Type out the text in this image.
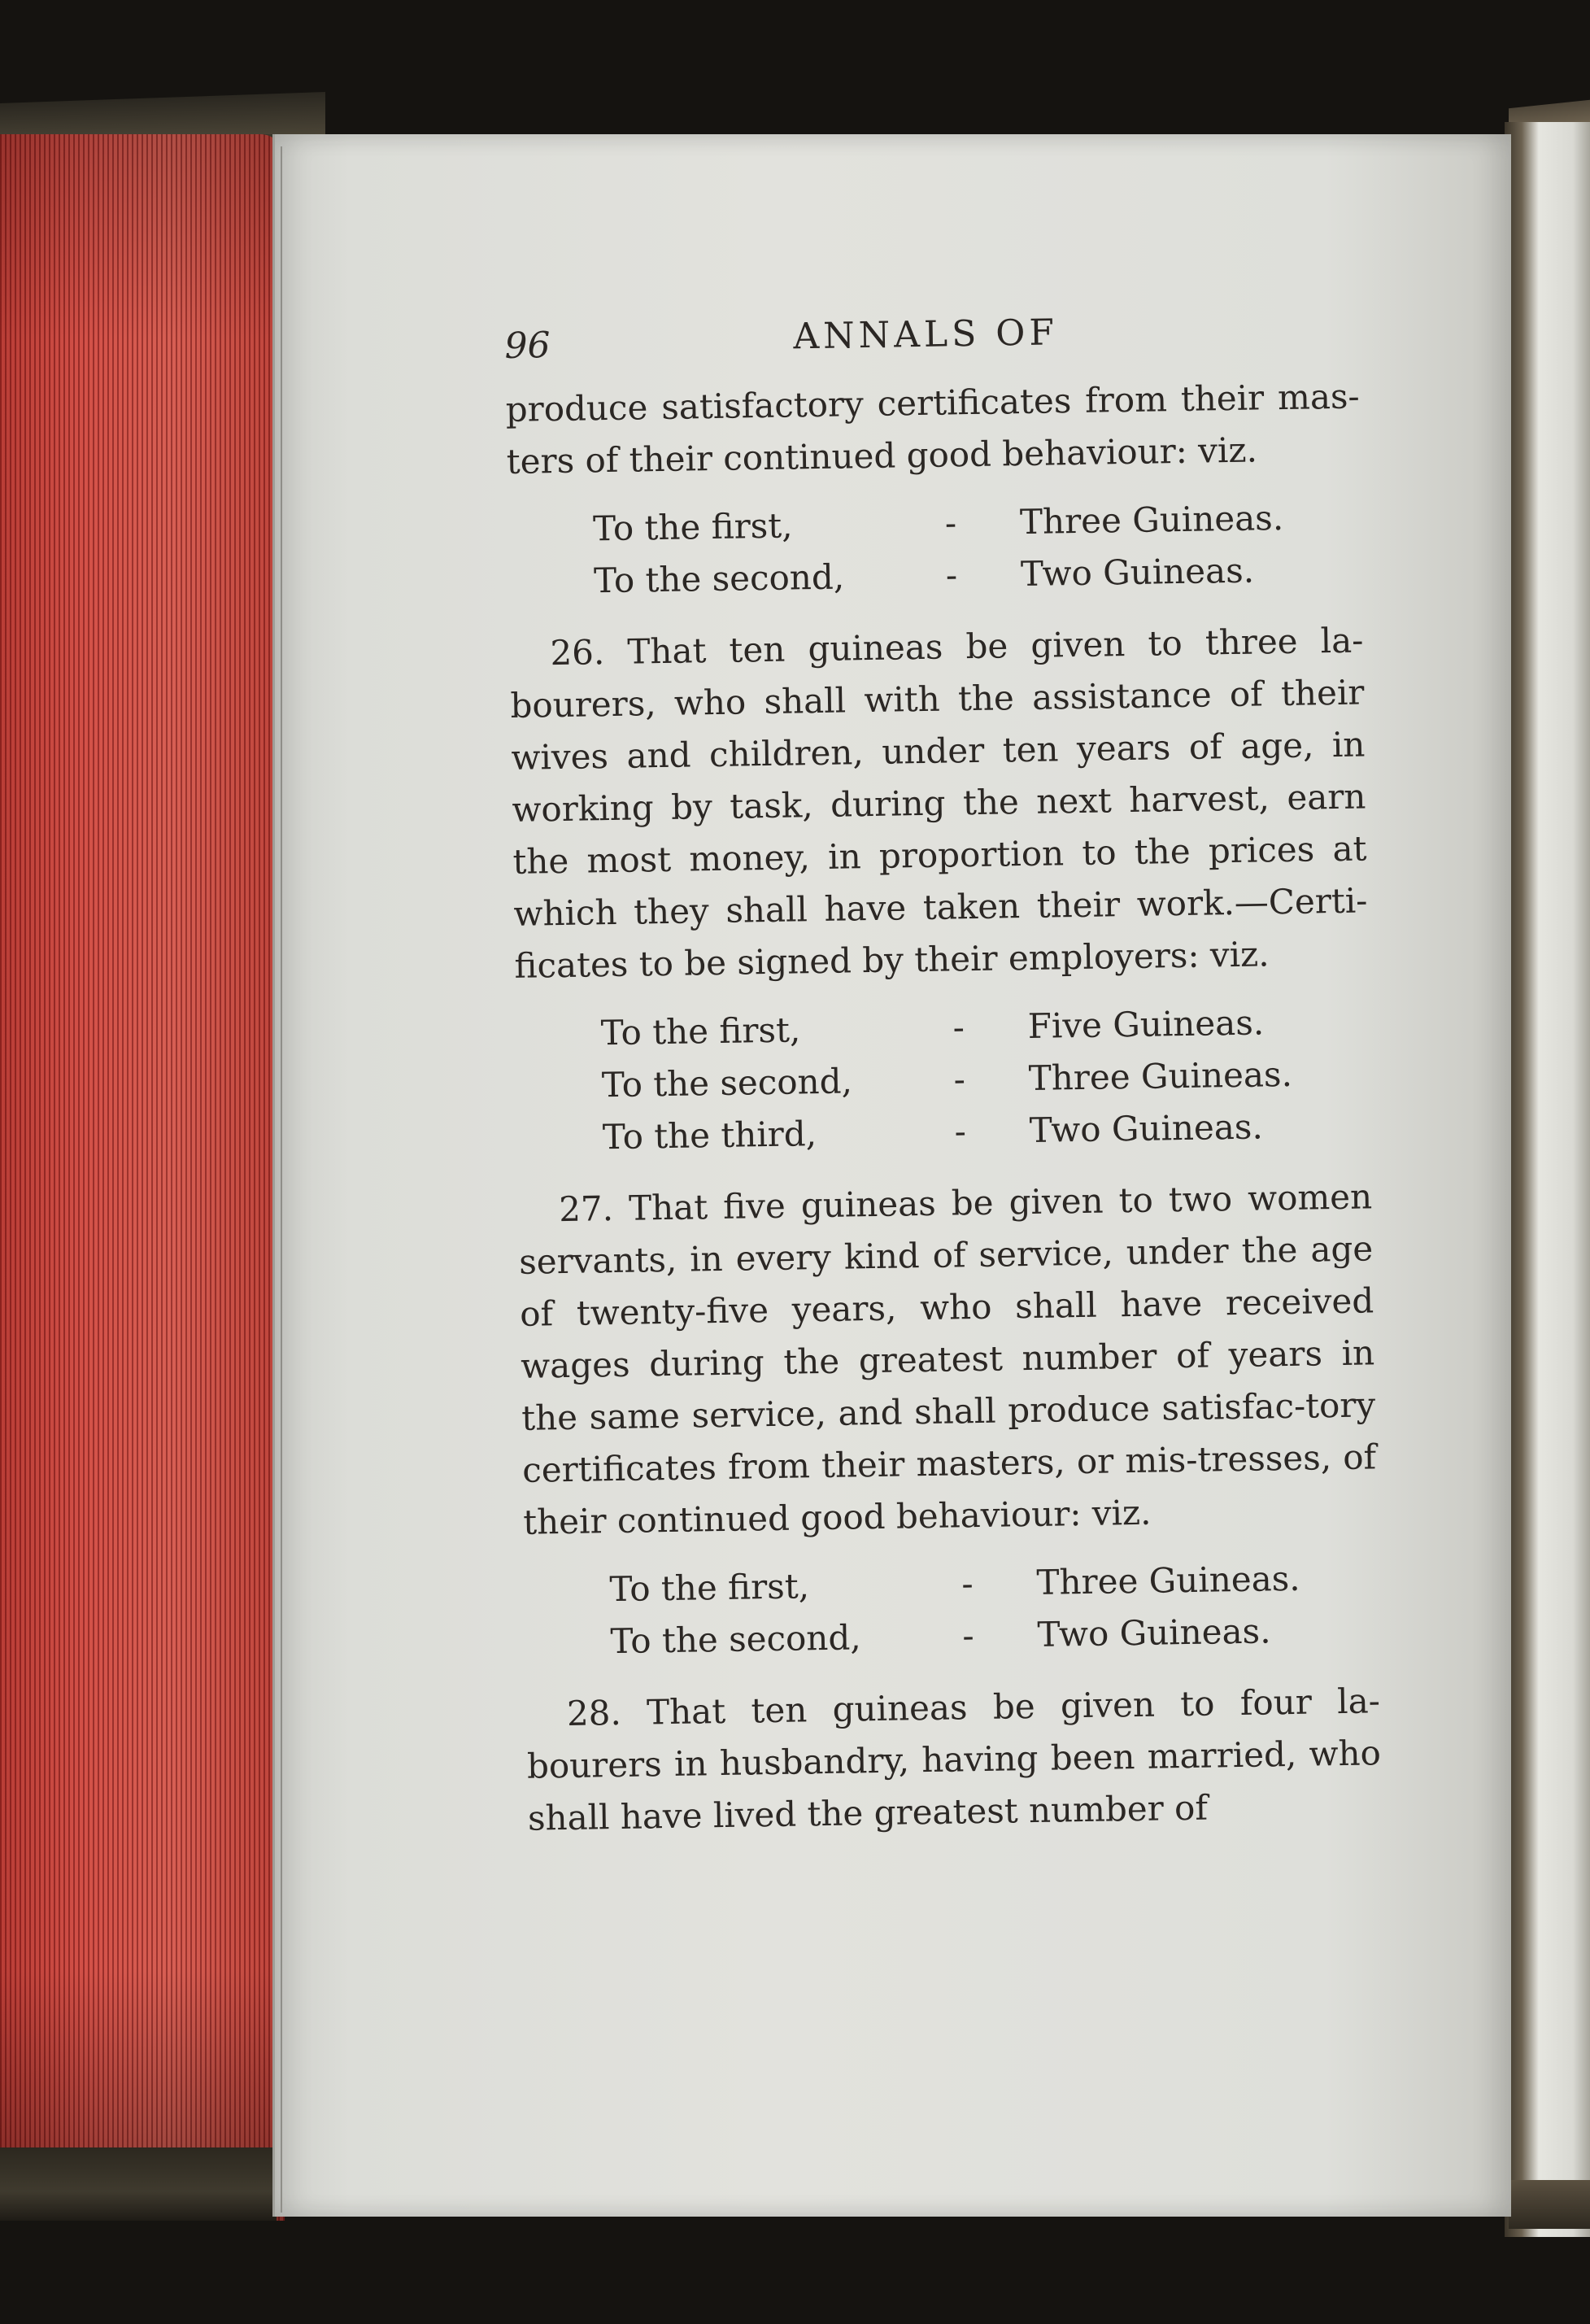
96	ANNALS OF

produce satisfactory certificates from their mas-ters of their continued good behaviour: viz.

To the first,	-	Three Guineas.
To the second,	-	Two Guineas.

26. That ten guineas be given to three la-bourers, who shall with the assistance of their wives and children, under ten years of age, in working by task, during the next harvest, earn the most money, in proportion to the prices at which they shall have taken their work.—Certi-ficates to be signed by their employers: viz.

To the first,	-	Five Guineas.
To the second,	-	Three Guineas.
To the third,	-	Two Guineas.

27. That five guineas be given to two women servants, in every kind of service, under the age of twenty-five years, who shall have received wages during the greatest number of years in the same service, and shall produce satisfac-tory certificates from their masters, or mis-tresses, of their continued good behaviour: viz.

To the first,	-	Three Guineas.
To the second,	-	Two Guineas.

28. That ten guineas be given to four la-bourers in husbandry, having been married, who shall have lived the greatest number of
